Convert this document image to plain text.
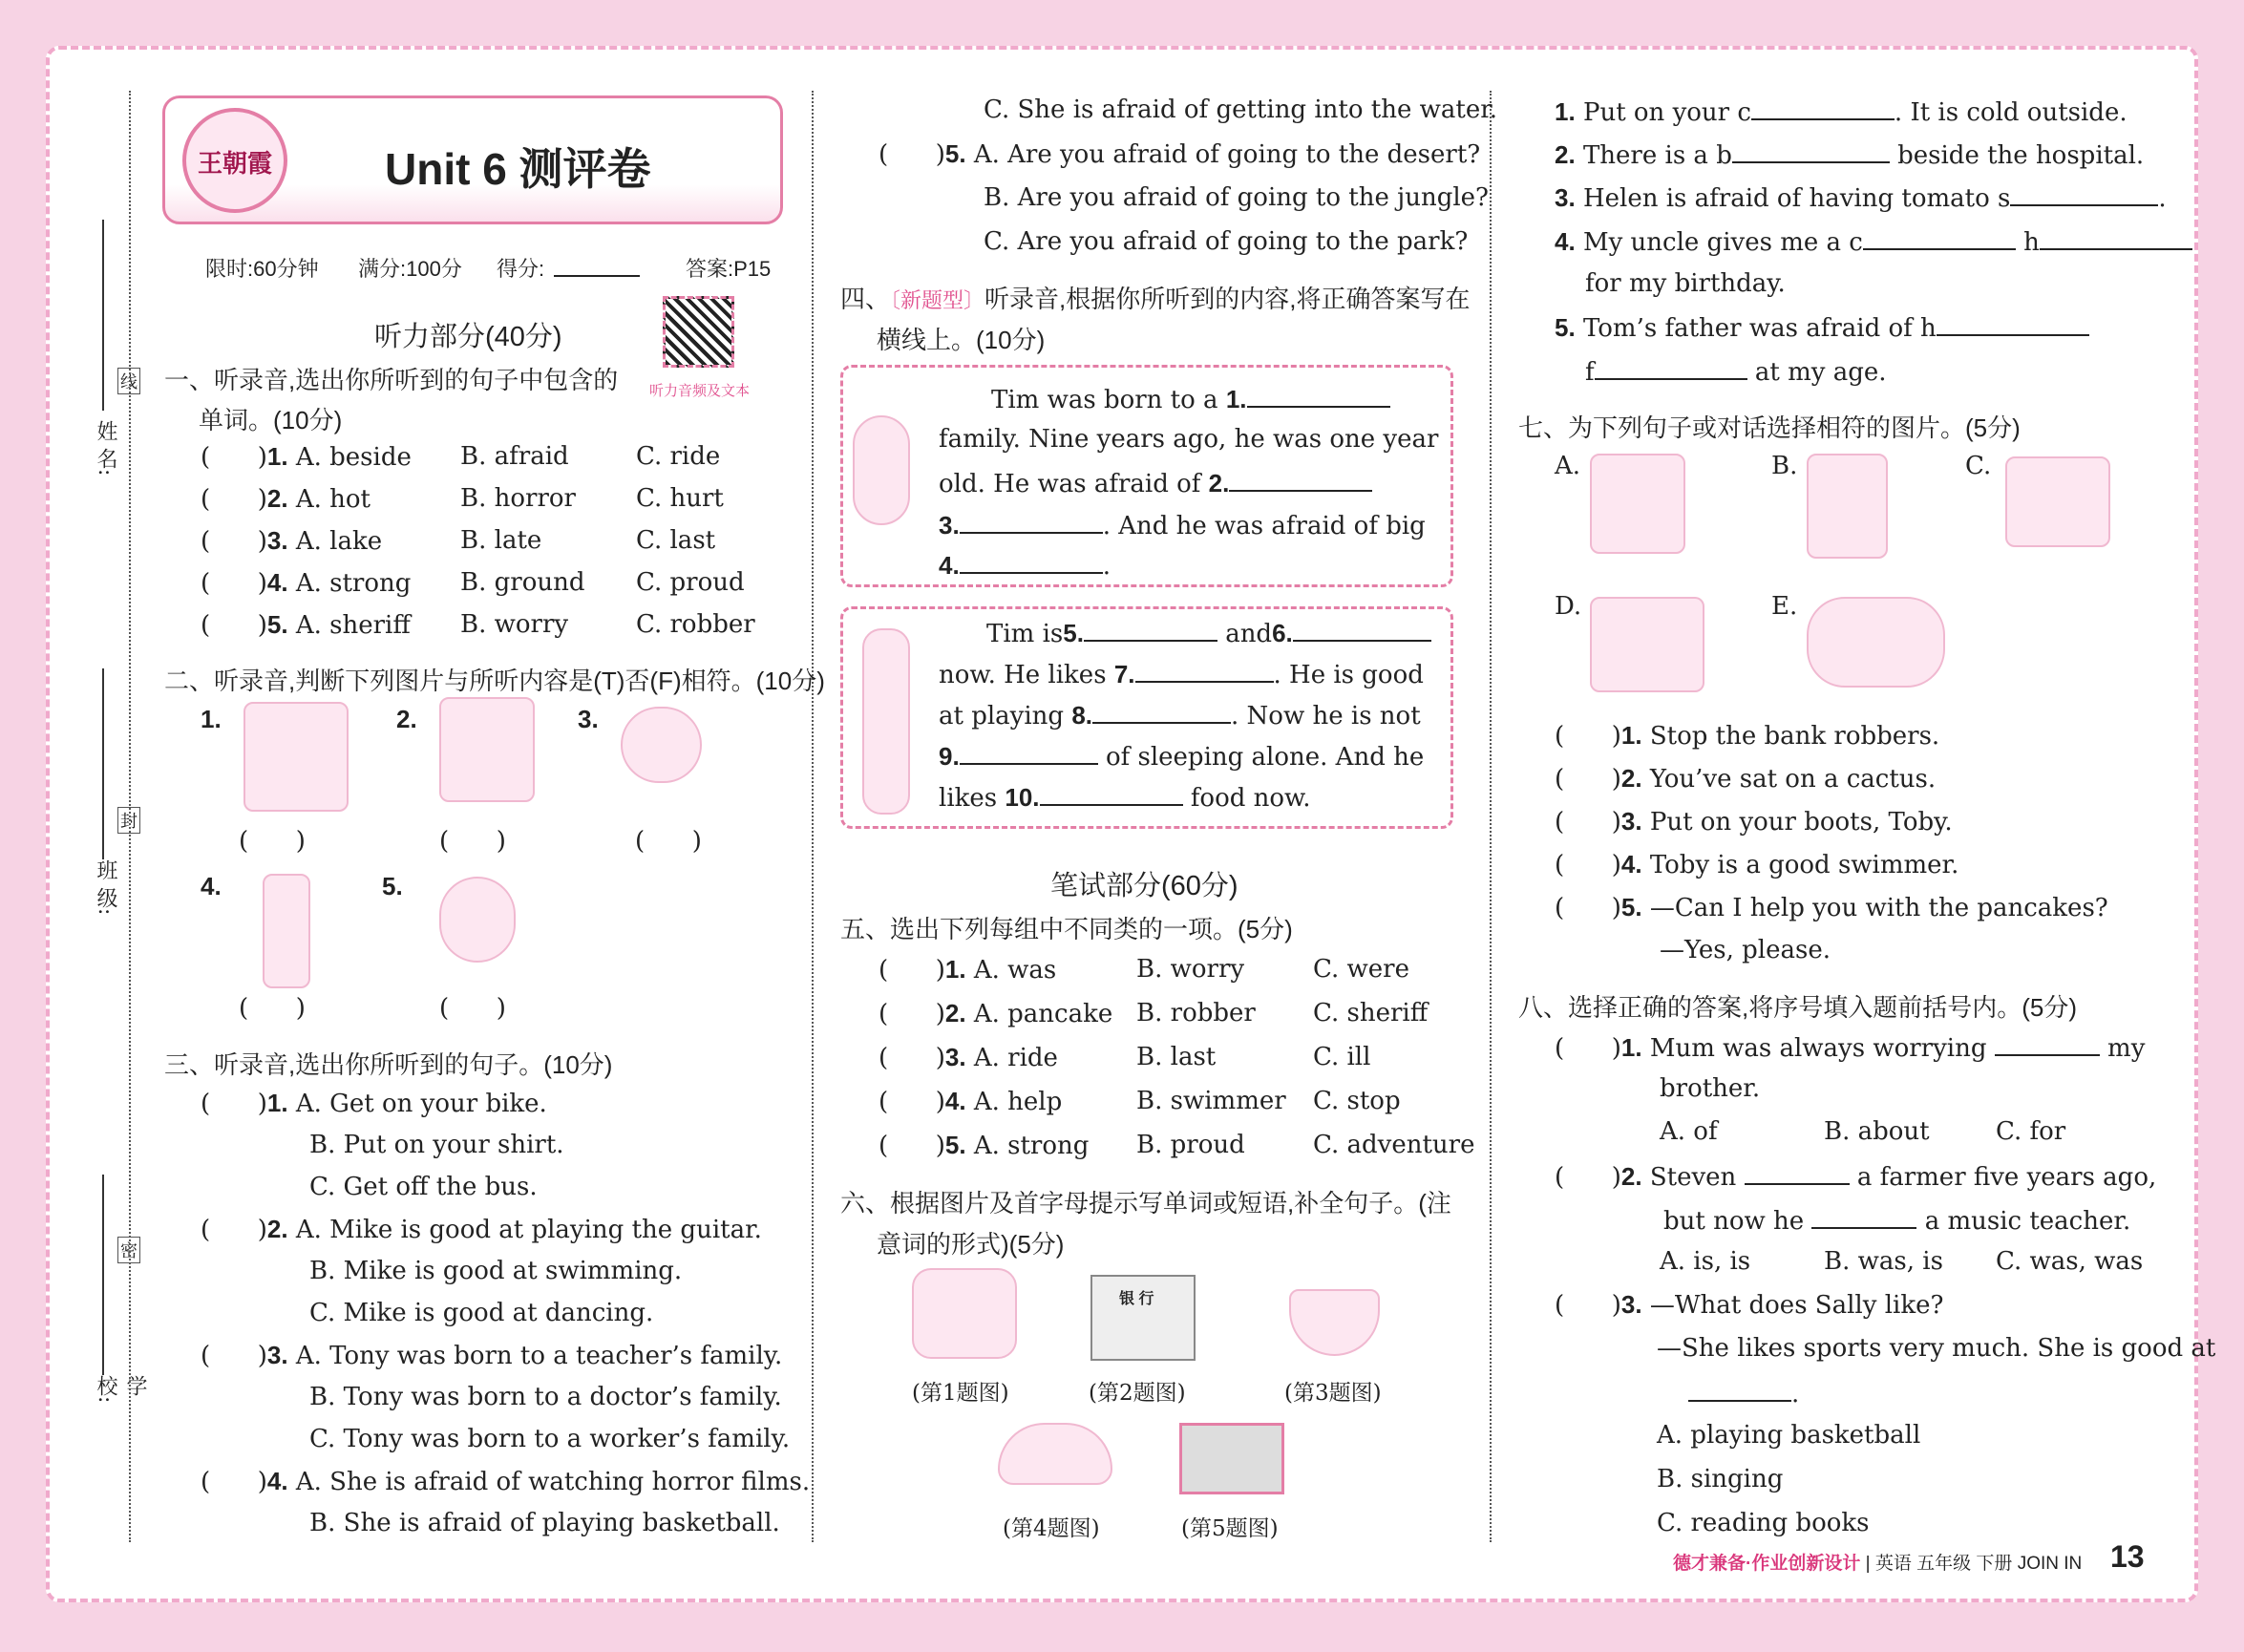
姓 名:
班 级:
学 校:
线
封
密
王朝霞	Unit 6 测评卷
限时:60分钟 满分:100分 得分:	答案:P15
听力部分(40分)
听力音频及文本
一、听录音,选出你所听到的句子中包含的
单词。(10分)
(      )1. A. beside B. afraid	C. ride
(      )2. A. hot	B. horror C. hurt
(      )3. A. lake	B. late	C. last
(      )4. A. strong B. ground C. proud
(      )5. A. sheriff B. worry	C. robber
二、听录音,判断下列图片与所听内容是(T)否(F)相符。(10分)
1.
(      )
2.
(      )
3.
(      )
4.
(      )
5.
(      )
三、听录音,选出你所听到的句子。(10分)
(      )1. A. Get on your bike.
B. Put on your shirt.
C. Get off the bus.
(      )2. A. Mike is good at playing the guitar.
B. Mike is good at swimming.
C. Mike is good at dancing.
(      )3. A. Tony was born to a teacher’s family.
B. Tony was born to a doctor’s family.
C. Tony was born to a worker’s family.
(      )4. A. She is afraid of watching horror films.
B. She is afraid of playing basketball.
C. She is afraid of getting into the water.
(      )5. A. Are you afraid of going to the desert?
B. Are you afraid of going to the jungle?
C. Are you afraid of going to the park?
四、〔新题型〕听录音,根据你所听到的内容,将正确答案写在
横线上。(10分)
Tim was born to a 1.
family. Nine years ago, he was one year
old. He was afraid of 2.
3.	. And he was afraid of big
4.	.
Tim is5.	and6.
now. He likes 7.	. He is good
at playing 8.	. Now he is not
9.	of sleeping alone. And he
likes 10.	food now.
笔试部分(60分)
五、选出下列每组中不同类的一项。(5分)
(      )1. A. was	B. worry	C. were
(      )2. A. pancake B. robber C. sheriff
(      )3. A. ride	B. last	C. ill
(      )4. A. help	B. swimmer C. stop
(      )5. A. strong B. proud	C. adventure
六、根据图片及首字母提示写单词或短语,补全句子。(注
意词的形式)(5分)
(第1题图)
银 行
(第2题图)	(第3题图)
(第4题图)	(第5题图)
1. Put on your c	. It is cold outside.
2. There is a b	beside the hospital.
3. Helen is afraid of having tomato s	.
4. My uncle gives me a c	h
for my birthday.
5. Tom’s father was afraid of h
f	at my age.
七、为下列句子或对话选择相符的图片。(5分)
A.	B.	C.
D.	E.
(      )1. Stop the bank robbers.
(      )2. You’ve sat on a cactus.
(      )3. Put on your boots, Toby.
(      )4. Toby is a good swimmer.
(      )5. —Can I help you with the pancakes?
—Yes, please.
八、选择正确的答案,将序号填入题前括号内。(5分)
(      )1. Mum was always worrying	my
brother.
A. of	B. about	C. for
(      )2. Steven	a farmer five years ago,
but now he	a music teacher.
A. is, is	B. was, is C. was, was
(      )3. —What does Sally like?
—She likes sports very much. She is good at
.
A. playing basketball
B. singing
C. reading books
德才兼备·作业创新设计 | 英语 五年级 下册 JOIN IN 13
